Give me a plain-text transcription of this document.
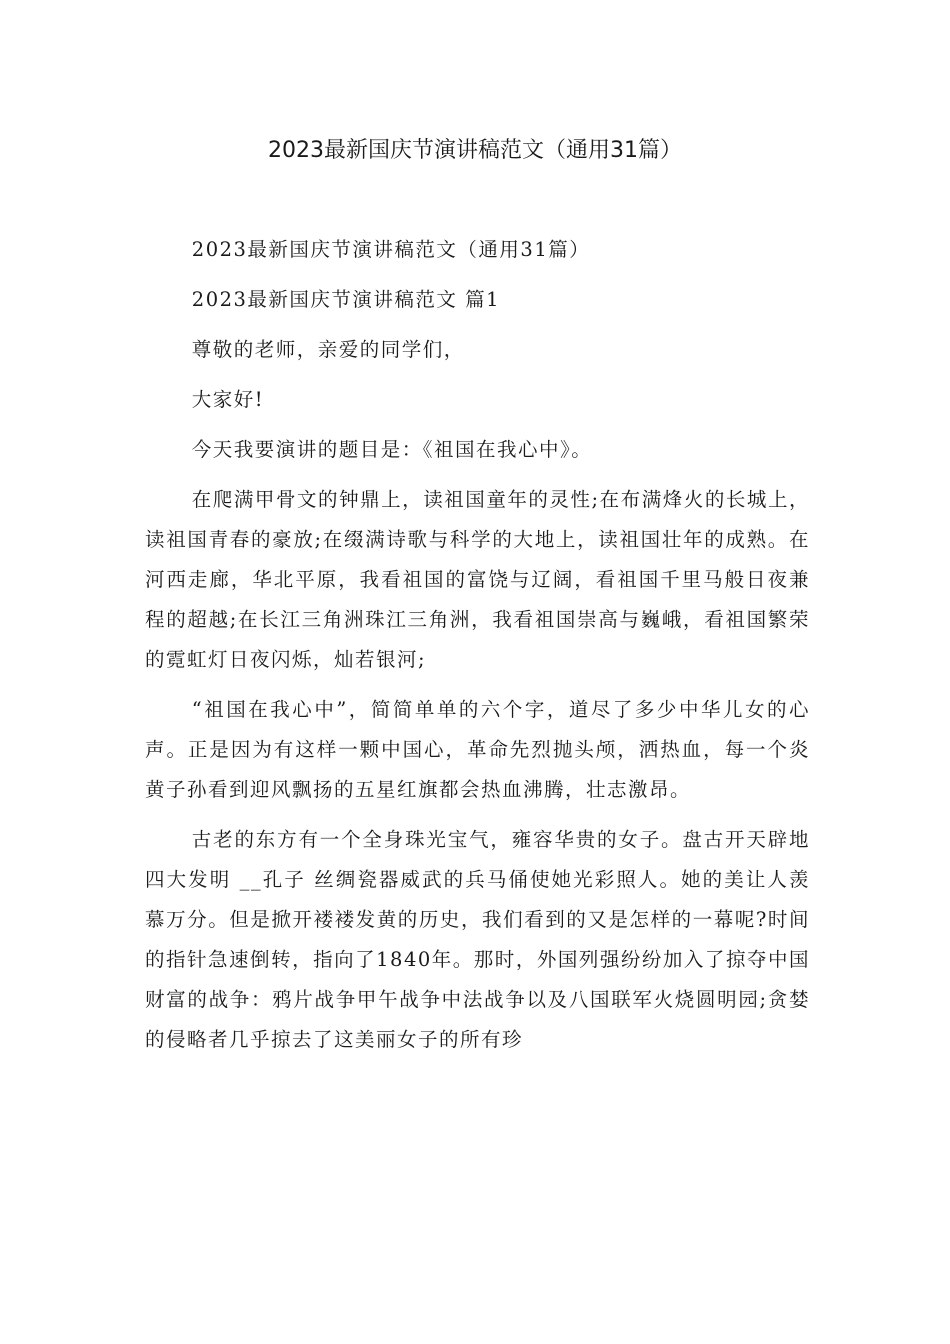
2023最新国庆节演讲稿范文（通用31篇）

2023最新国庆节演讲稿范文（通用31篇）

2023最新国庆节演讲稿范文 篇1

尊敬的老师，亲爱的同学们，

大家好!

今天我要演讲的题目是：《祖国在我心中》。

在爬满甲骨文的钟鼎上，读祖国童年的灵性;在布满烽火的长城上，读祖国青春的豪放;在缀满诗歌与科学的大地上，读祖国壮年的成熟。在河西走廊，华北平原，我看祖国的富饶与辽阔，看祖国千里马般日夜兼程的超越;在长江三角洲珠江三角洲，我看祖国崇高与巍峨，看祖国繁荣的霓虹灯日夜闪烁，灿若银河;

“祖国在我心中”，简简单单的六个字，道尽了多少中华儿女的心声。正是因为有这样一颗中国心，革命先烈抛头颅，洒热血，每一个炎黄子孙看到迎风飘扬的五星红旗都会热血沸腾，壮志激昂。

古老的东方有一个全身珠光宝气，雍容华贵的女子。盘古开天辟地 四大发明 __孔子 丝绸瓷器威武的兵马俑使她光彩照人。她的美让人羡慕万分。但是掀开褛褛发黄的历史，我们看到的又是怎样的一幕呢?时间的指针急速倒转，指向了1840年。那时，外国列强纷纷加入了掠夺中国财富的战争：鸦片战争甲午战争中法战争以及八国联军火烧圆明园;贪婪的侵略者几乎掠去了这美丽女子的所有珍
